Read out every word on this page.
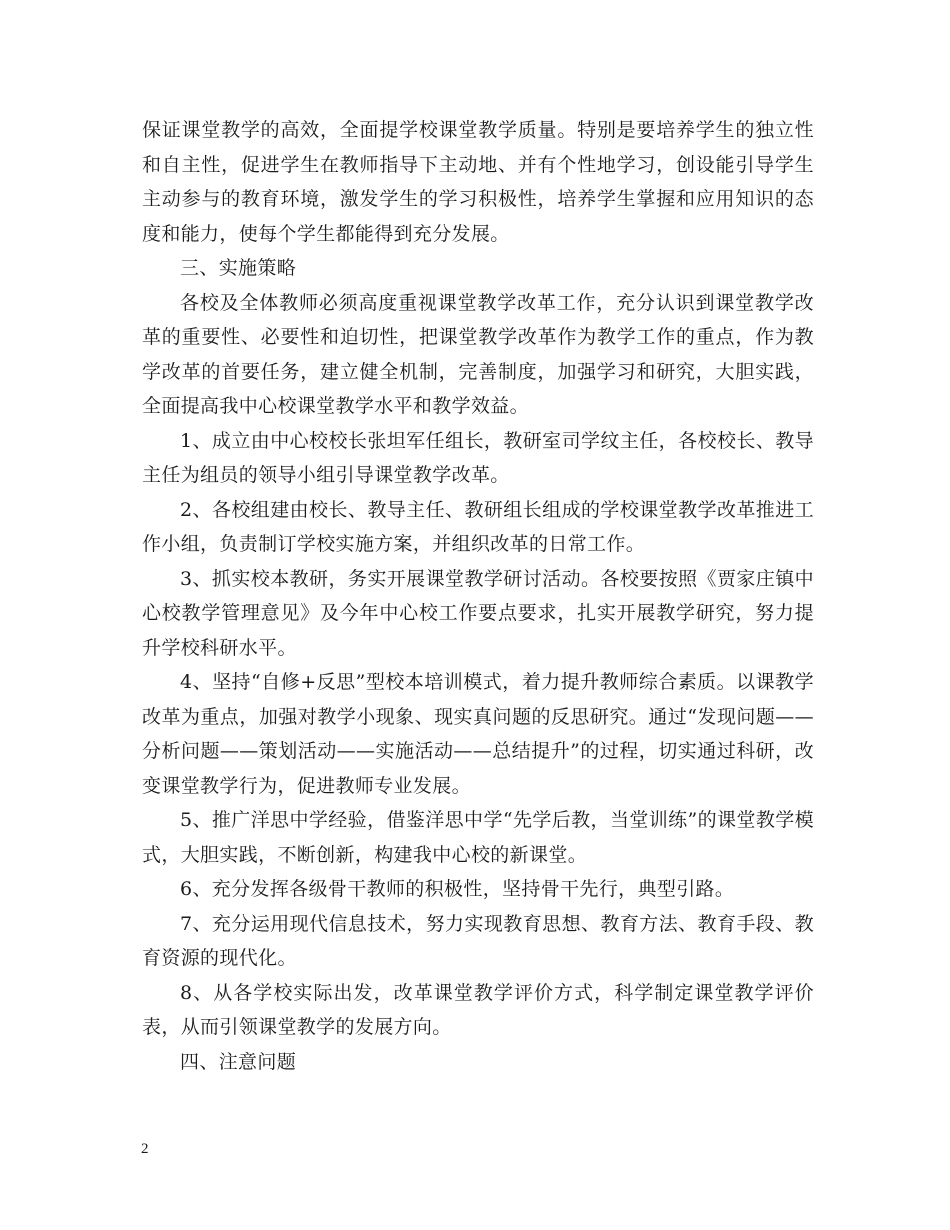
保证课堂教学的高效，全面提学校课堂教学质量。特别是要培养学生的独立性和自主性，促进学生在教师指导下主动地、并有个性地学习，创设能引导学生主动参与的教育环境，激发学生的学习积极性，培养学生掌握和应用知识的态度和能力，使每个学生都能得到充分发展。

三、实施策略

各校及全体教师必须高度重视课堂教学改革工作，充分认识到课堂教学改革的重要性、必要性和迫切性，把课堂教学改革作为教学工作的重点，作为教学改革的首要任务，建立健全机制，完善制度，加强学习和研究，大胆实践，全面提高我中心校课堂教学水平和教学效益。

1、成立由中心校校长张坦军任组长，教研室司学纹主任，各校校长、教导主任为组员的领导小组引导课堂教学改革。

2、各校组建由校长、教导主任、教研组长组成的学校课堂教学改革推进工作小组，负责制订学校实施方案，并组织改革的日常工作。

3、抓实校本教研，务实开展课堂教学研讨活动。各校要按照《贾家庄镇中心校教学管理意见》及今年中心校工作要点要求，扎实开展教学研究，努力提升学校科研水平。

4、坚持“自修+反思”型校本培训模式，着力提升教师综合素质。以课教学改革为重点，加强对教学小现象、现实真问题的反思研究。通过“发现问题——分析问题——策划活动——实施活动——总结提升”的过程，切实通过科研，改变课堂教学行为，促进教师专业发展。

5、推广洋思中学经验，借鉴洋思中学“先学后教，当堂训练”的课堂教学模式，大胆实践，不断创新，构建我中心校的新课堂。

6、充分发挥各级骨干教师的积极性，坚持骨干先行，典型引路。

7、充分运用现代信息技术，努力实现教育思想、教育方法、教育手段、教育资源的现代化。

8、从各学校实际出发，改革课堂教学评价方式，科学制定课堂教学评价表，从而引领课堂教学的发展方向。

四、注意问题

2
